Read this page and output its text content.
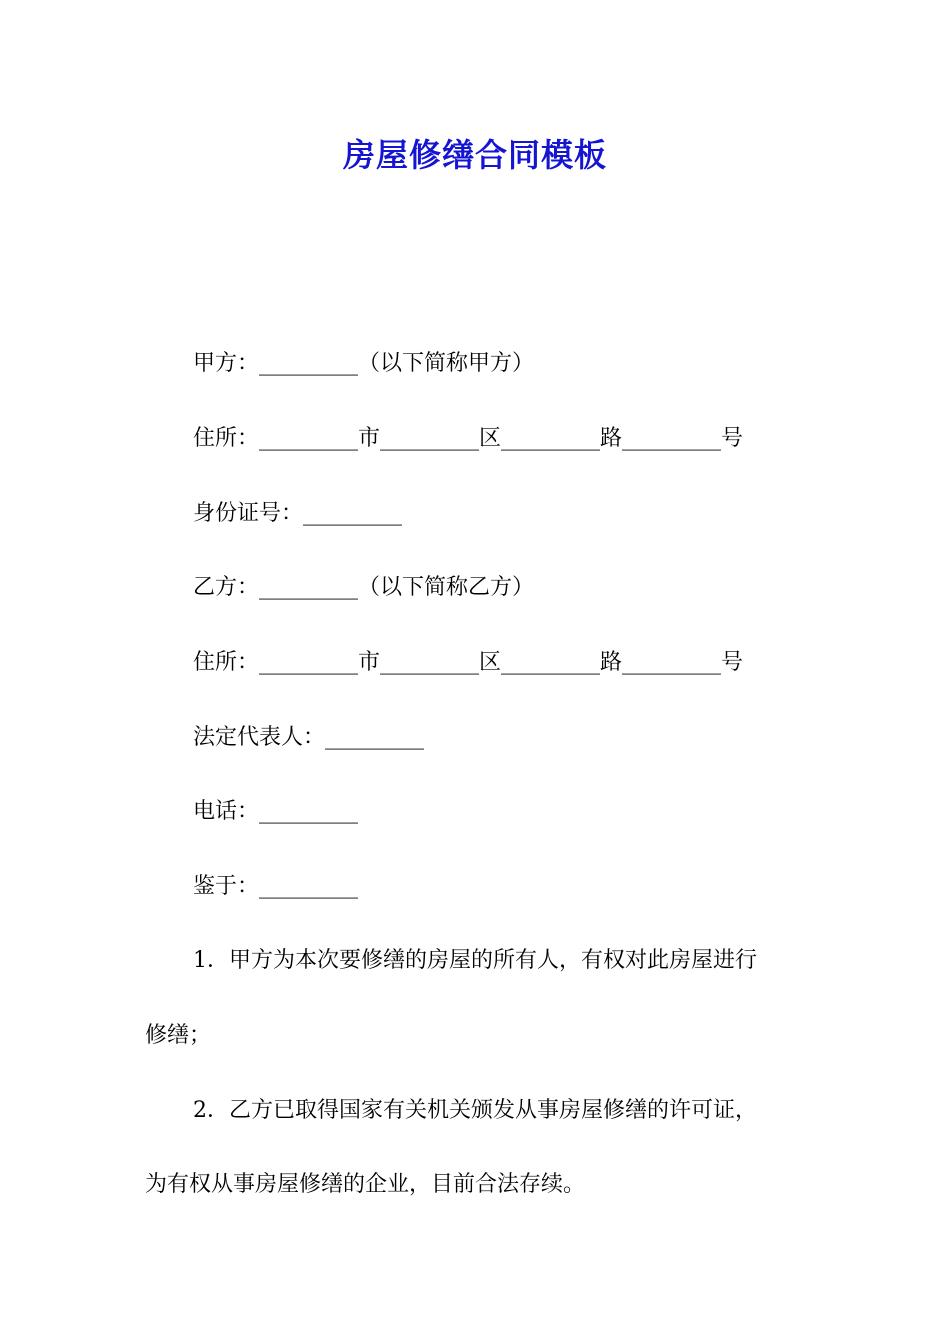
房屋修缮合同模板
甲方：_________（以下简称甲方）
住所：_________市_________区_________路_________号
身份证号：_________
乙方：_________（以下简称乙方）
住所：_________市_________区_________路_________号
法定代表人：_________
电话：_________
鉴于：_________
1．甲方为本次要修缮的房屋的所有人，有权对此房屋进行
修缮；
2．乙方已取得国家有关机关颁发从事房屋修缮的许可证，
为有权从事房屋修缮的企业，目前合法存续。
